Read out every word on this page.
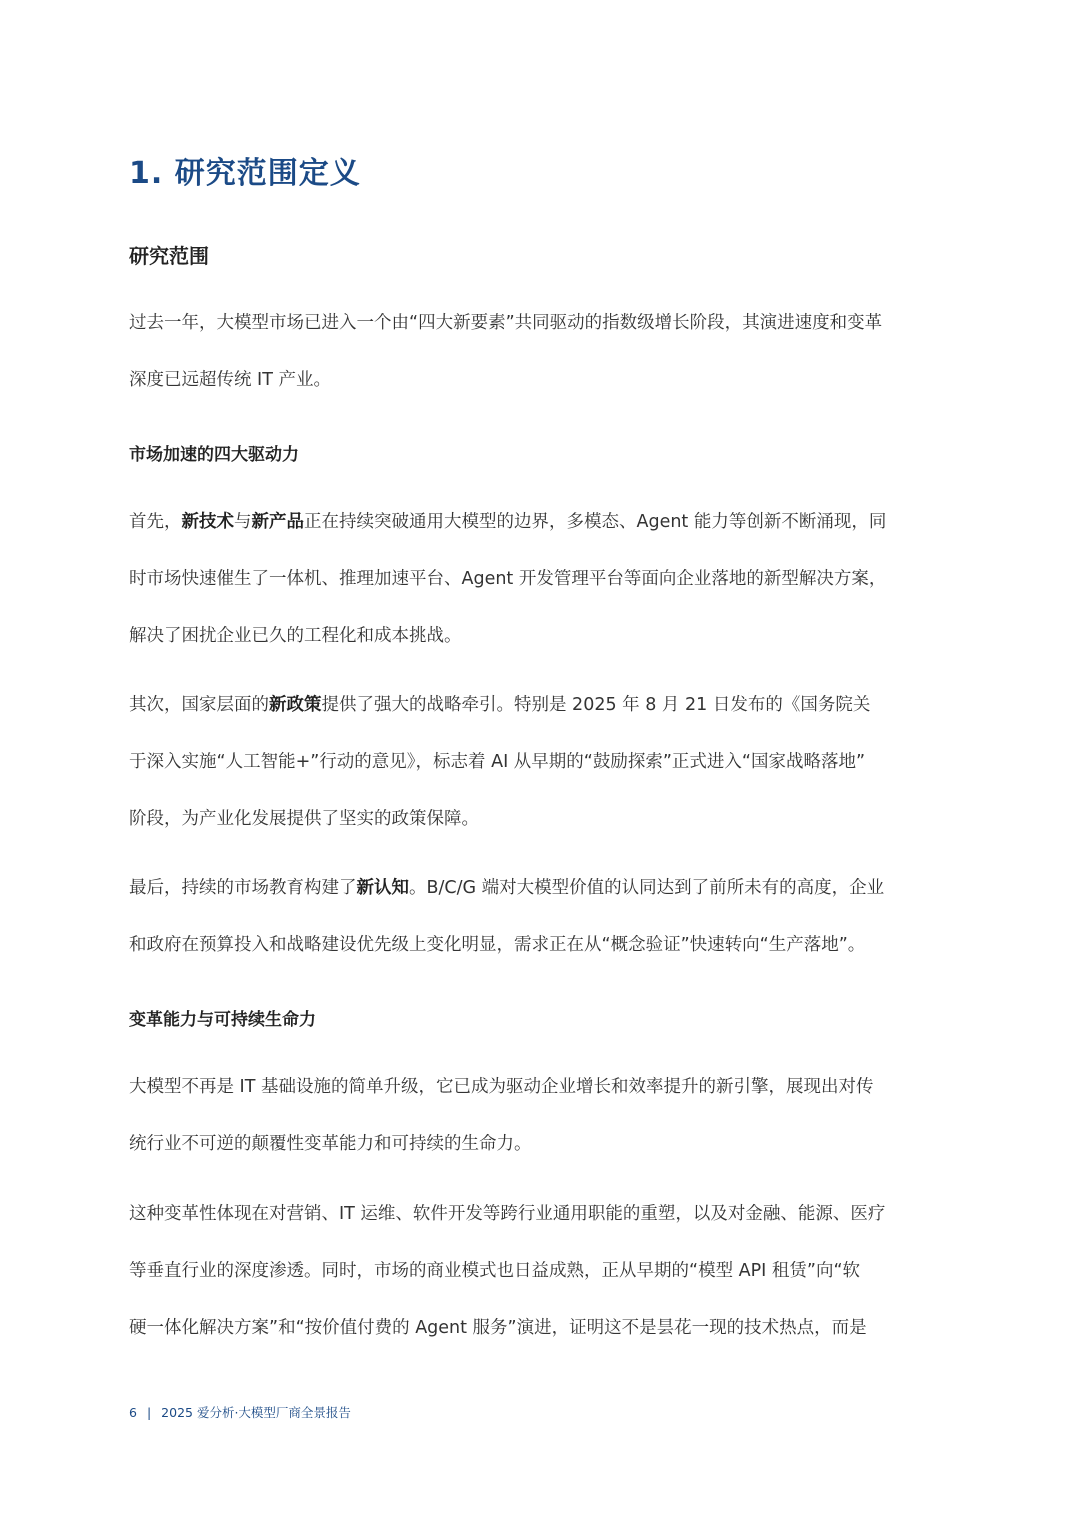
1. 研究范围定义
研究范围
过去一年，大模型市场已进入一个由“四大新要素”共同驱动的指数级增长阶段，其演进速度和变革
深度已远超传统 IT 产业。
市场加速的四大驱动力
首先，新技术与新产品正在持续突破通用大模型的边界，多模态、Agent 能力等创新不断涌现，同
时市场快速催生了一体机、推理加速平台、Agent 开发管理平台等面向企业落地的新型解决方案，
解决了困扰企业已久的工程化和成本挑战。
其次，国家层面的新政策提供了强大的战略牵引。特别是 2025 年 8 月 21 日发布的《国务院关
于深入实施“人工智能+”行动的意见》，标志着 AI 从早期的“鼓励探索”正式进入“国家战略落地”
阶段，为产业化发展提供了坚实的政策保障。
最后，持续的市场教育构建了新认知。B/C/G 端对大模型价值的认同达到了前所未有的高度，企业
和政府在预算投入和战略建设优先级上变化明显，需求正在从“概念验证”快速转向“生产落地”。
变革能力与可持续生命力
大模型不再是 IT 基础设施的简单升级，它已成为驱动企业增长和效率提升的新引擎，展现出对传
统行业不可逆的颠覆性变革能力和可持续的生命力。
这种变革性体现在对营销、IT 运维、软件开发等跨行业通用职能的重塑，以及对金融、能源、医疗
等垂直行业的深度渗透。同时，市场的商业模式也日益成熟，正从早期的“模型 API 租赁”向“软
硬一体化解决方案”和“按价值付费的 Agent 服务”演进，证明这不是昙花一现的技术热点，而是
6 | 2025 爱分析·大模型厂商全景报告
